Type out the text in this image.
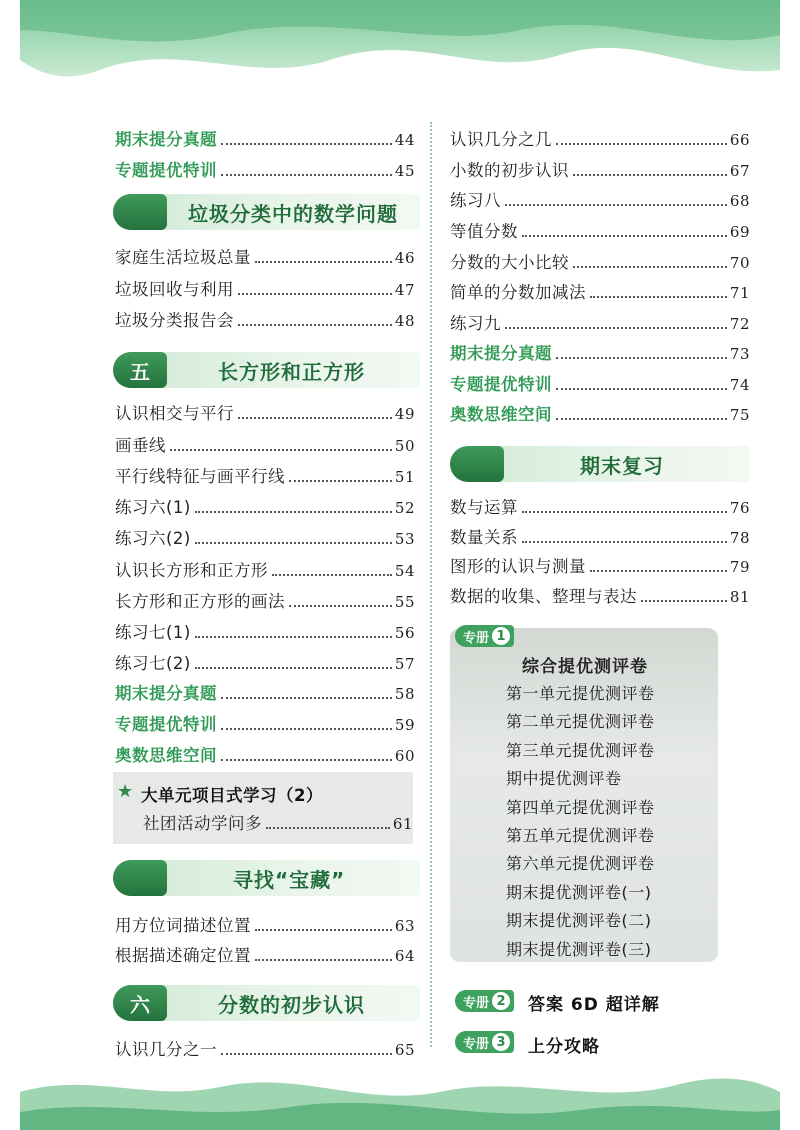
期末提分真题	44
专题提优特训	45
垃圾分类中的数学问题
家庭生活垃圾总量	46
垃圾回收与利用	47
垃圾分类报告会	48
五	长方形和正方形
认识相交与平行	49
画垂线	50
平行线特征与画平行线	51
练习六(1)	52
练习六(2)	53
认识长方形和正方形	54
长方形和正方形的画法	55
练习七(1)	56
练习七(2)	57
期末提分真题	58
专题提优特训	59
奥数思维空间	60
★ 大单元项目式学习（2）
社团活动学问多	61
寻找“宝藏”
用方位词描述位置	63
根据描述确定位置	64
六	分数的初步认识
认识几分之一	65
认识几分之几	66
小数的初步认识	67
练习八	68
等值分数	69
分数的大小比较	70
简单的分数加减法	71
练习九	72
期末提分真题	73
专题提优特训	74
奥数思维空间	75
期末复习
数与运算	76
数量关系	78
图形的认识与测量	79
数据的收集、整理与表达	81
综合提优测评卷
第一单元提优测评卷
第二单元提优测评卷
第三单元提优测评卷
期中提优测评卷
第四单元提优测评卷
第五单元提优测评卷
第六单元提优测评卷
期末提优测评卷(一)
期末提优测评卷(二)
期末提优测评卷(三)
专册 1
专册 2 答案 6D 超详解
专册 3 上分攻略
